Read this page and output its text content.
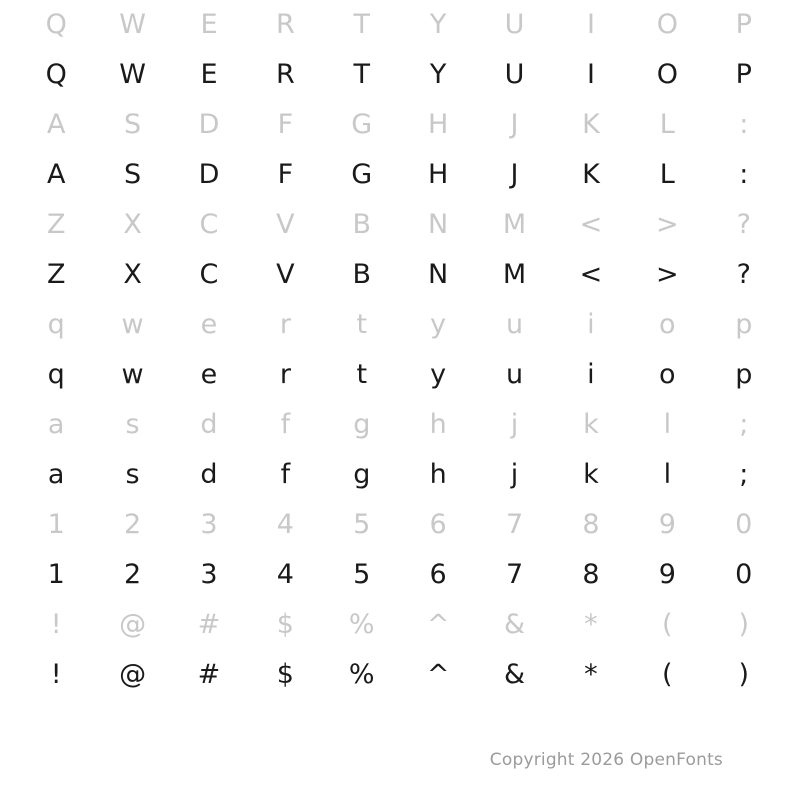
Q	W	E	R	T	Y	U	I	O	P

Q	W	E	R	T	Y	U	I	O	P

A	S	D	F	G	H	J	K	L	:

A	S	D	F	G	H	J	K	L	:

Z	X	C	V	B	N	M	<	>	?

Z	X	C	V	B	N	M	<	>	?

q	w	e	r	t	y	u	i	o	p

q	w	e	r	t	y	u	i	o	p

a	s	d	f	g	h	j	k	l	;

a	s	d	f	g	h	j	k	l	;

1	2	3	4	5	6	7	8	9	0

1	2	3	4	5	6	7	8	9	0

!	@	#	$	%	^	&	*	(	)

!	@	#	$	%	^	&	*	(	)
Copyright 2026 OpenFonts
